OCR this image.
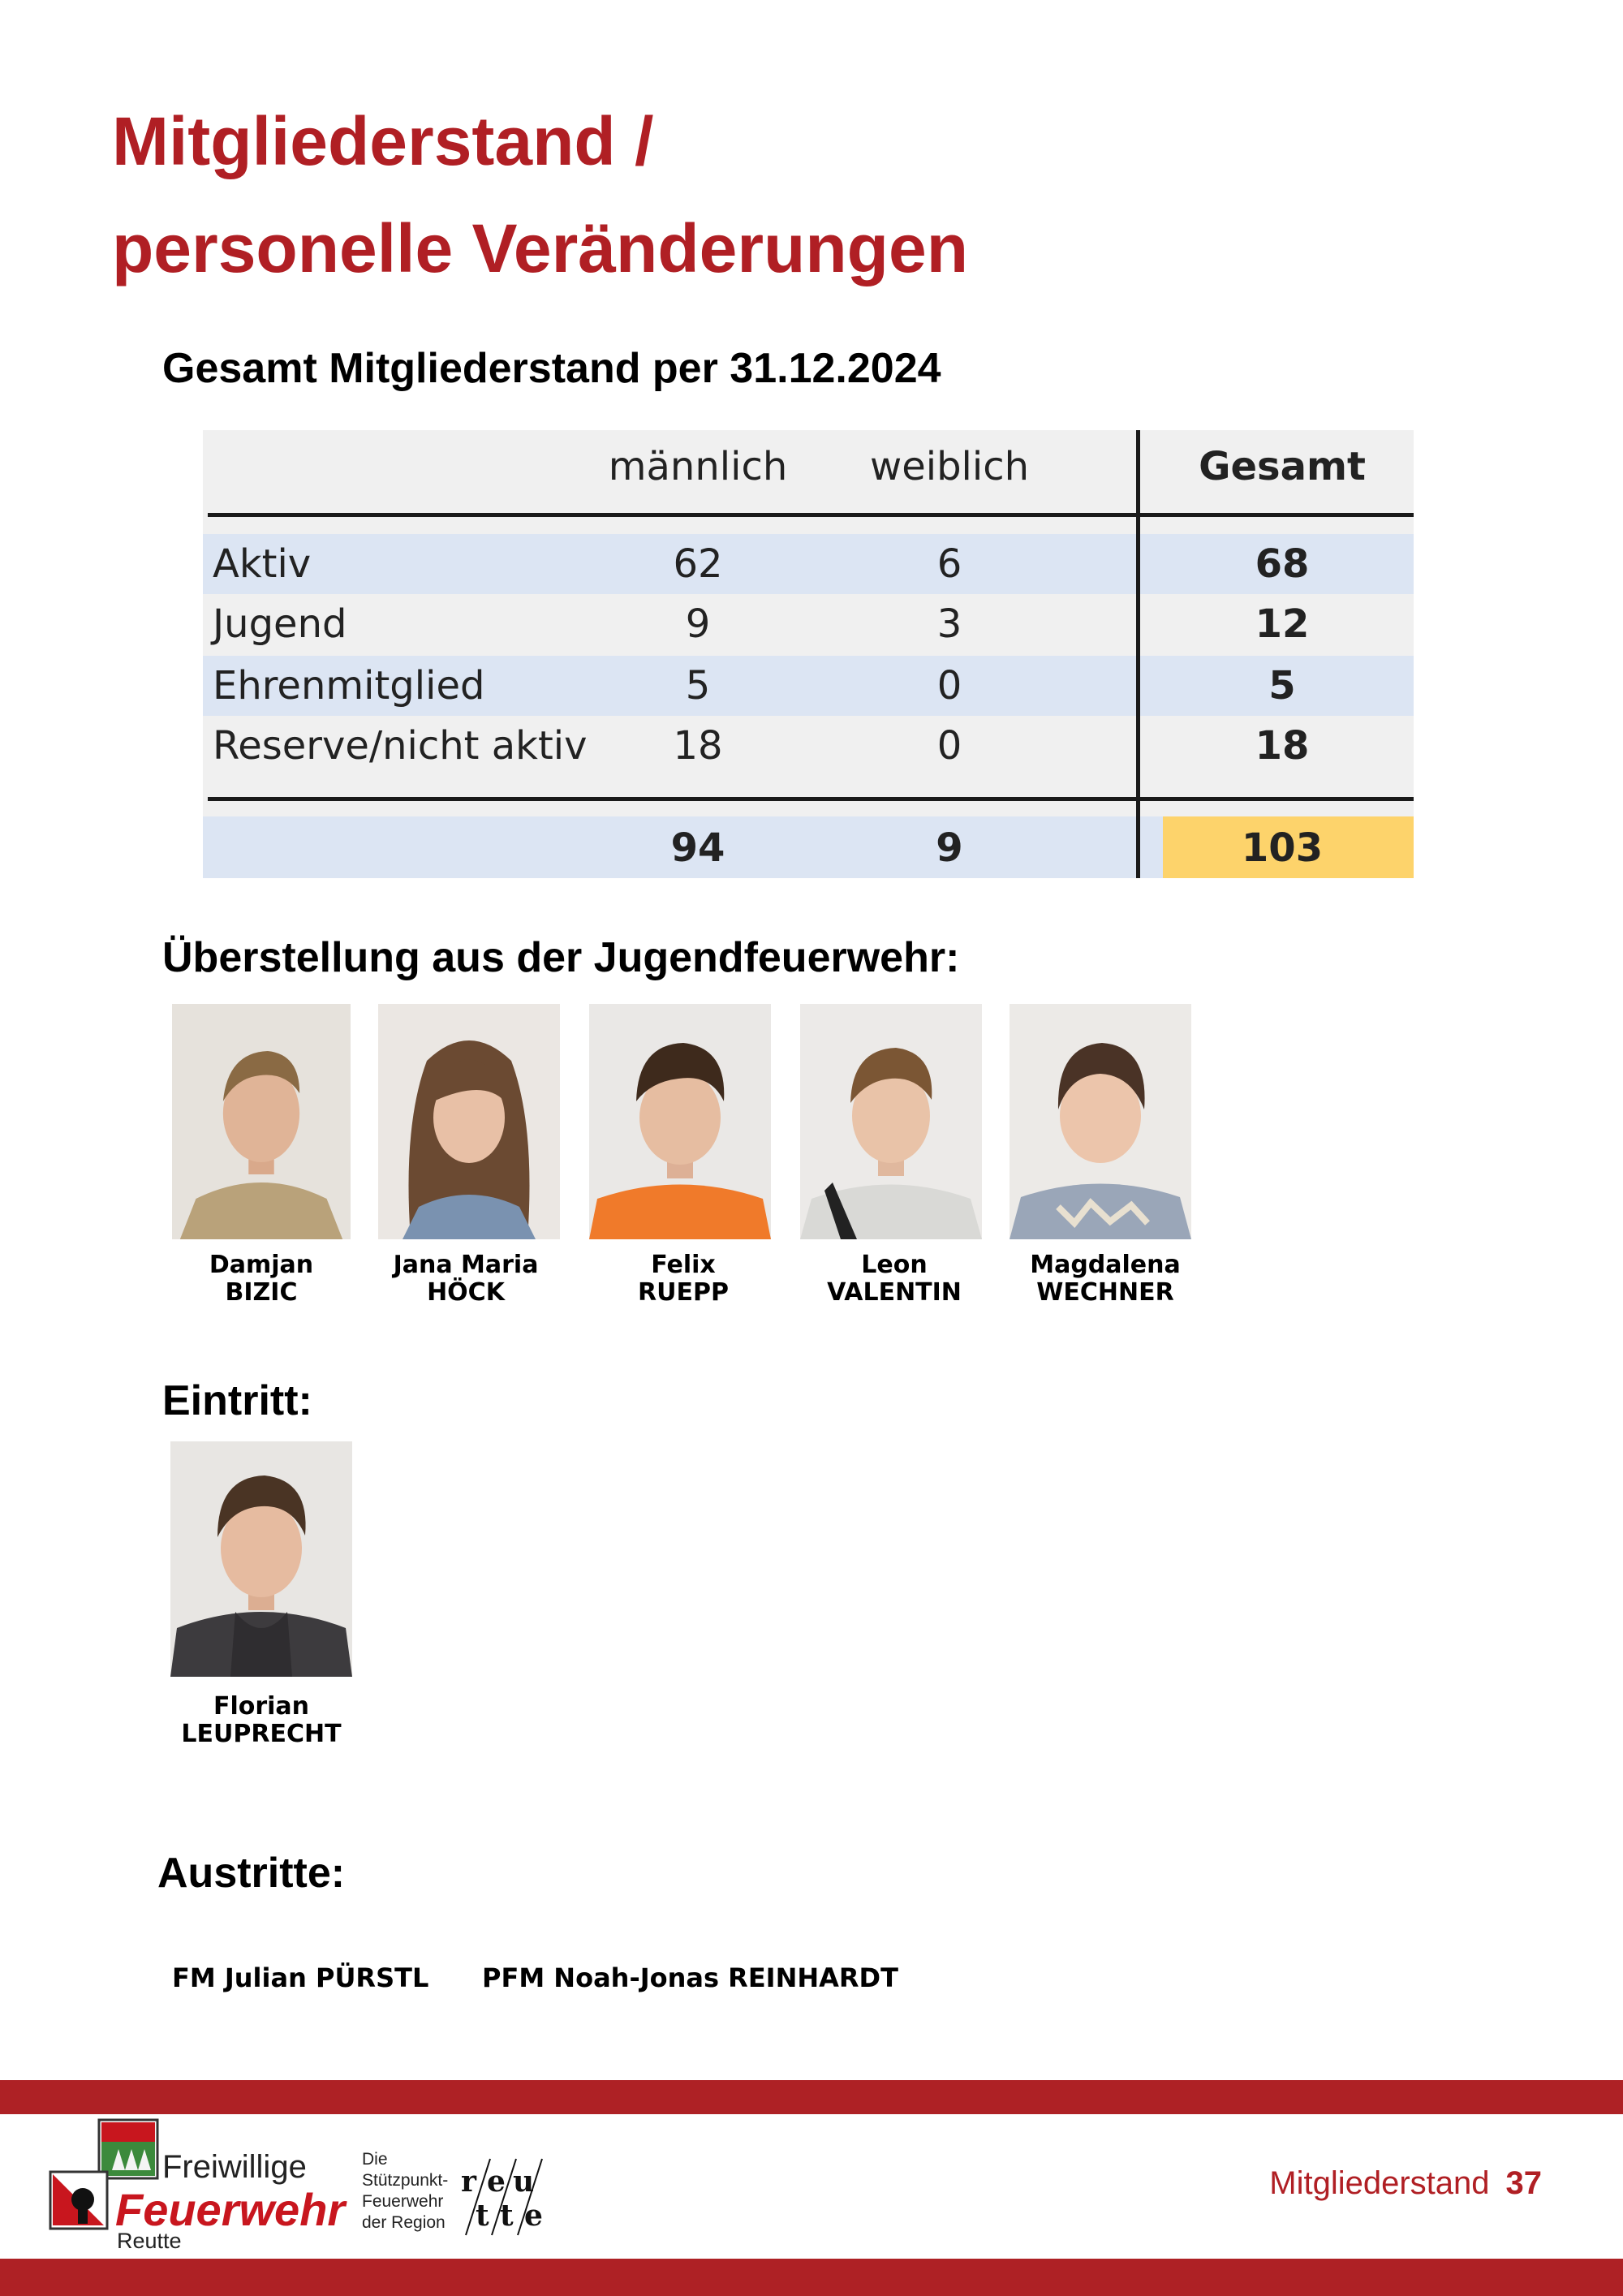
Mitgliederstand /
personelle Veränderungen
Gesamt Mitgliederstand per 31.12.2024
männlich	weiblich	Gesamt
Aktiv	62	6	68
Jugend	9	3	12
Ehrenmitglied	5	0	5
Reserve/nicht aktiv	18	0	18
94	9	103
Überstellung aus der Jugendfeuerwehr:
Damjan
BIZIC
Jana Maria
HÖCK
Felix
RUEPP
Leon
VALENTIN
Magdalena
WECHNER
Eintritt:
Florian
LEUPRECHT
Austritte:
FM Julian PÜRSTL PFM Noah-Jonas REINHARDT
Freiwillige
Feuerwehr
Reutte
Die
Stützpunkt-
Feuerwehr
der Region
r e u
t t e
Mitgliederstand 37
